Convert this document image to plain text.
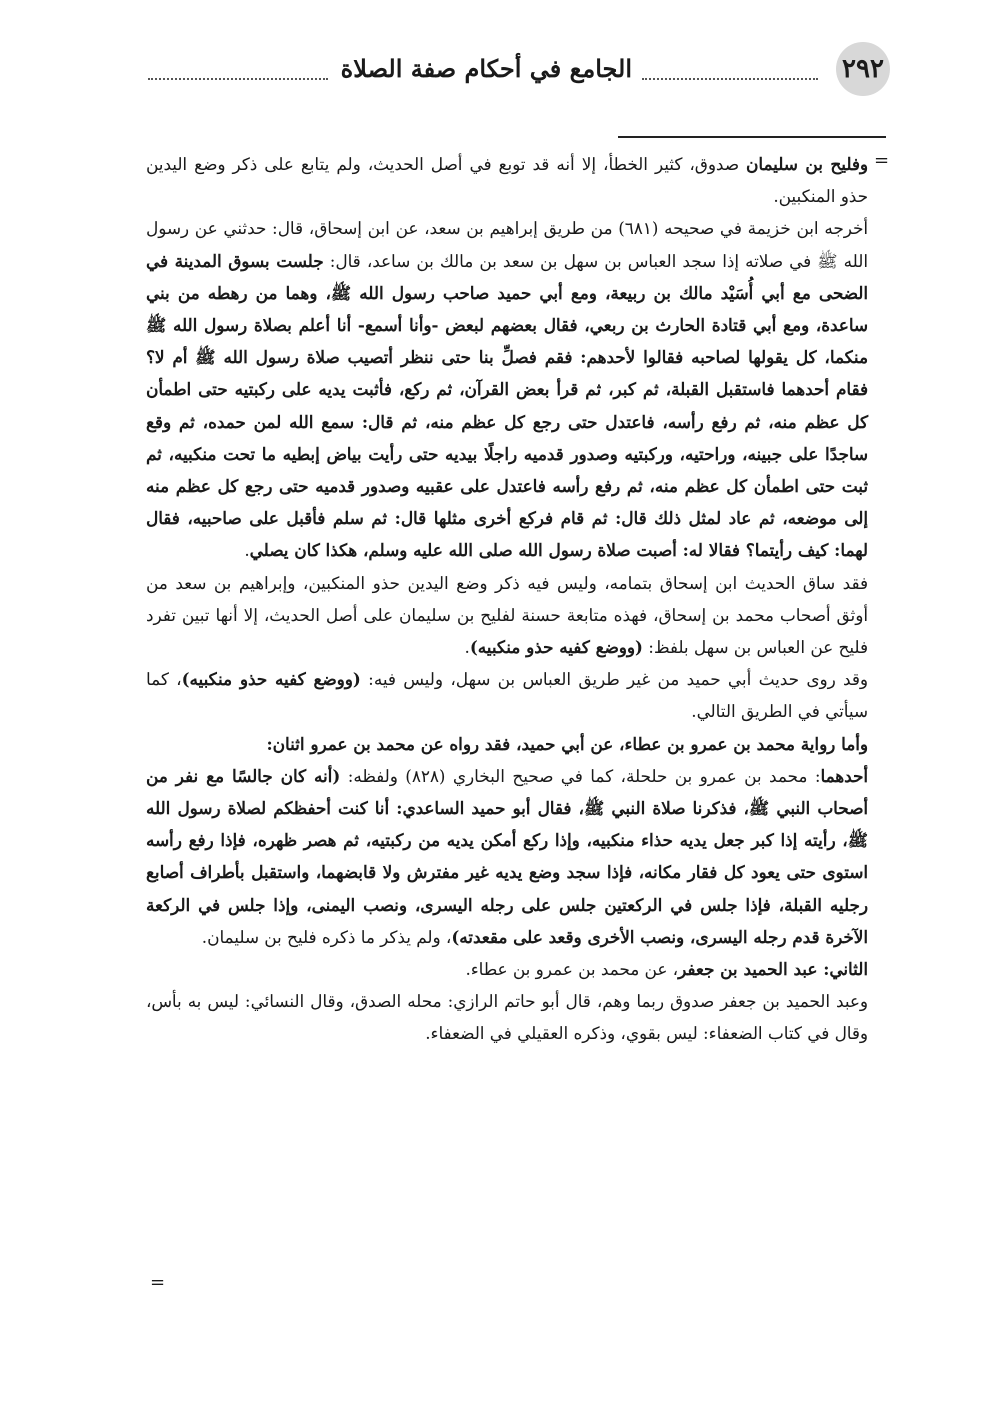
٢٩٢
الجامع في أحكام صفة الصلاة
=

وفليح بن سليمان صدوق، كثير الخطأ، إلا أنه قد توبع في أصل الحديث، ولم يتابع على ذكر وضع اليدين حذو المنكبين.

أخرجه ابن خزيمة في صحيحه (٦٨١) من طريق إبراهيم بن سعد، عن ابن إسحاق، قال: حدثني عن رسول الله ﷺ في صلاته إذا سجد العباس بن سهل بن سعد بن مالك بن ساعد، قال: جلست بسوق المدينة في الضحى مع أبي أُسَيْد مالك بن ربيعة، ومع أبي حميد صاحب رسول الله ﷺ، وهما من رهطه من بني ساعدة، ومع أبي قتادة الحارث بن ربعي، فقال بعضهم لبعض -وأنا أسمع- أنا أعلم بصلاة رسول الله ﷺ منكما، كل يقولها لصاحبه فقالوا لأحدهم: فقم فصلِّ بنا حتى ننظر أتصيب صلاة رسول الله ﷺ أم لا؟ فقام أحدهما فاستقبل القبلة، ثم كبر، ثم قرأ بعض القرآن، ثم ركع، فأثبت يديه على ركبتيه حتى اطمأن كل عظم منه، ثم رفع رأسه، فاعتدل حتى رجع كل عظم منه، ثم قال: سمع الله لمن حمده، ثم وقع ساجدًا على جبينه، وراحتيه، وركبتيه وصدور قدميه راجلًا بيديه حتى رأيت بياض إبطيه ما تحت منكبيه، ثم ثبت حتى اطمأن كل عظم منه، ثم رفع رأسه فاعتدل على عقبيه وصدور قدميه حتى رجع كل عظم منه إلى موضعه، ثم عاد لمثل ذلك قال: ثم قام فركع أخرى مثلها قال: ثم سلم فأقبل على صاحبيه، فقال لهما: كيف رأيتما؟ فقالا له: أصبت صلاة رسول الله صلى الله عليه وسلم، هكذا كان يصلي.

فقد ساق الحديث ابن إسحاق بتمامه، وليس فيه ذكر وضع اليدين حذو المنكبين، وإبراهيم بن سعد من أوثق أصحاب محمد بن إسحاق، فهذه متابعة حسنة لفليح بن سليمان على أصل الحديث، إلا أنها تبين تفرد فليح عن العباس بن سهل بلفظ: (ووضع كفيه حذو منكبيه).

وقد روى حديث أبي حميد من غير طريق العباس بن سهل، وليس فيه: (ووضع كفيه حذو منكبيه)، كما سيأتي في الطريق التالي.

وأما رواية محمد بن عمرو بن عطاء، عن أبي حميد، فقد رواه عن محمد بن عمرو اثنان:

أحدهما: محمد بن عمرو بن حلحلة، كما في صحيح البخاري (٨٢٨) ولفظه: (أنه كان جالسًا مع نفر من أصحاب النبي ﷺ، فذكرنا صلاة النبي ﷺ، فقال أبو حميد الساعدي: أنا كنت أحفظكم لصلاة رسول الله ﷺ، رأيته إذا كبر جعل يديه حذاء منكبيه، وإذا ركع أمكن يديه من ركبتيه، ثم هصر ظهره، فإذا رفع رأسه استوى حتى يعود كل فقار مكانه، فإذا سجد وضع يديه غير مفترش ولا قابضهما، واستقبل بأطراف أصابع رجليه القبلة، فإذا جلس في الركعتين جلس على رجله اليسرى، ونصب اليمنى، وإذا جلس في الركعة الآخرة قدم رجله اليسرى، ونصب الأخرى وقعد على مقعدته)، ولم يذكر ما ذكره فليح بن سليمان.

الثاني: عبد الحميد بن جعفر، عن محمد بن عمرو بن عطاء.

وعبد الحميد بن جعفر صدوق ربما وهم، قال أبو حاتم الرازي: محله الصدق، وقال النسائي: ليس به بأس، وقال في كتاب الضعفاء: ليس بقوي، وذكره العقيلي في الضعفاء.

=
